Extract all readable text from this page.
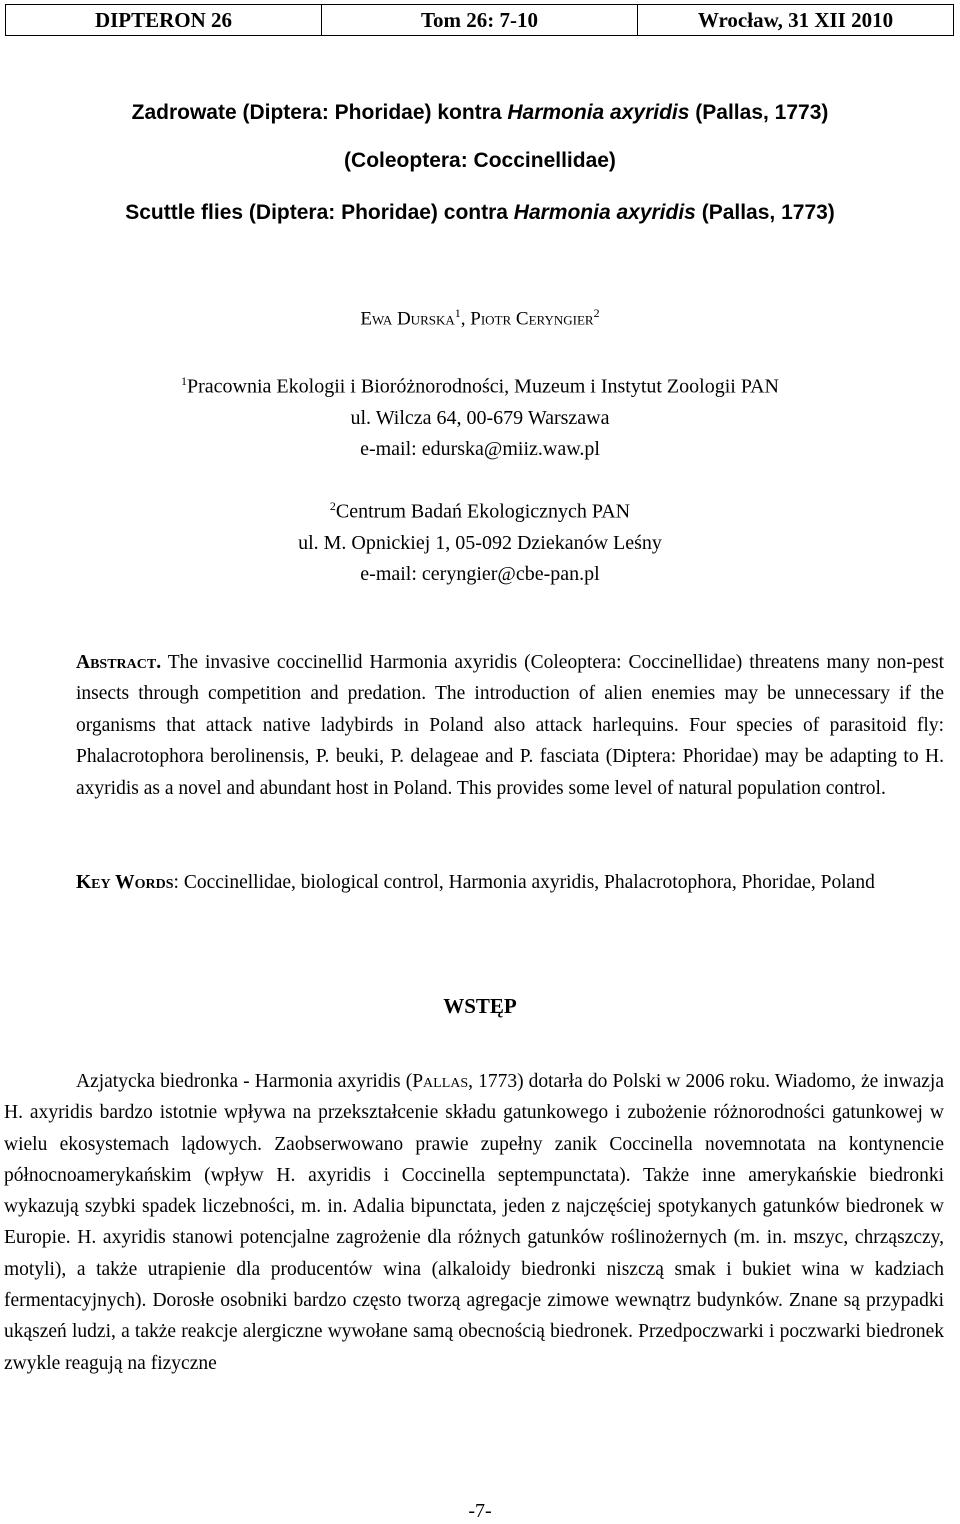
DIPTERON 26	Tom 26: 7-10	Wrocław, 31 XII 2010
Zadrowate (Diptera: Phoridae) kontra Harmonia axyridis (Pallas, 1773)
(Coleoptera: Coccinellidae)
Scuttle flies (Diptera: Phoridae) contra Harmonia axyridis (Pallas, 1773)
Ewa Durska$^1$, Piotr Ceryngier$^2$
$^1$Pracownia Ekologii i Bioróżnorodności, Muzeum i Instytut Zoologii PAN
ul. Wilcza 64, 00-679 Warszawa
e-mail: edurska@miiz.waw.pl
$^2$Centrum Badań Ekologicznych PAN
ul. M. Opnickiej 1, 05-092 Dziekanów Leśny
e-mail: ceryngier@cbe-pan.pl
Abstract. The invasive coccinellid Harmonia axyridis (Coleoptera: Coccinellidae) threatens many non-pest insects through competition and predation. The introduction of alien enemies may be unnecessary if the organisms that attack native ladybirds in Poland also attack harlequins. Four species of parasitoid fly: Phalacrotophora berolinensis, P. beuki, P. delageae and P. fasciata (Diptera: Phoridae) may be adapting to H. axyridis as a novel and abundant host in Poland. This provides some level of natural population control.
Key Words: Coccinellidae, biological control, Harmonia axyridis, Phalacrotophora, Phoridae, Poland
WSTĘP

Azjatycka biedronka - Harmonia axyridis (Pallas, 1773) dotarła do Polski w 2006 roku. Wiadomo, że inwazja H. axyridis bardzo istotnie wpływa na przekształcenie składu gatunkowego i zubożenie różnorodności gatunkowej w wielu ekosystemach lądowych. Zaobserwowano prawie zupełny zanik Coccinella novemnotata na kontynencie północnoamerykańskim (wpływ H. axyridis i Coccinella septempunctata). Także inne amerykańskie biedronki wykazują szybki spadek liczebności, m. in. Adalia bipunctata, jeden z najczęściej spotykanych gatunków biedronek w Europie. H. axyridis stanowi potencjalne zagrożenie dla różnych gatunków roślinożernych (m. in. mszyc, chrząszczy, motyli), a także utrapienie dla producentów wina (alkaloidy biedronki niszczą smak i bukiet wina w kadziach fermentacyjnych). Dorosłe osobniki bardzo często tworzą agregacje zimowe wewnątrz budynków. Znane są przypadki ukąszeń ludzi, a także reakcje alergiczne wywołane samą obecnością biedronek. Przedpoczwarki i poczwarki biedronek zwykle reagują na fizyczne

-7-
